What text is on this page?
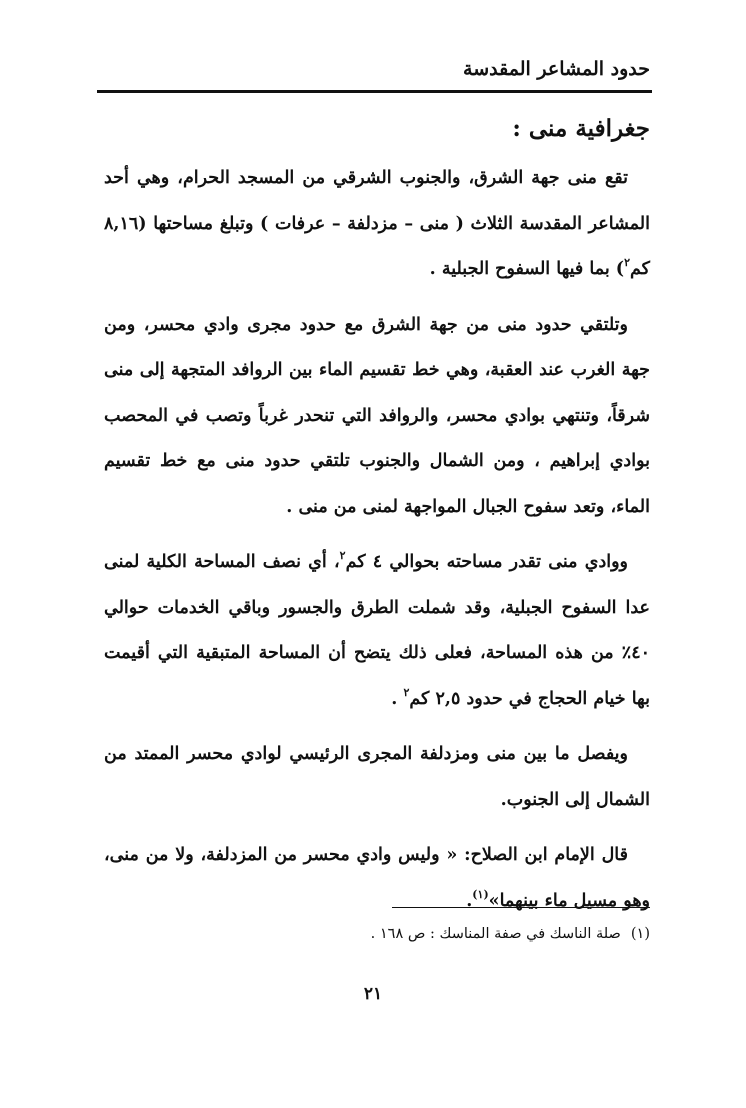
حدود المشاعر المقدسة
جغرافية منى :

تقع منى جهة الشرق، والجنوب الشرقي من المسجد الحرام، وهي أحد المشاعر المقدسة الثلاث ( منى – مزدلفة – عرفات ) وتبلغ مساحتها (٨,١٦ كم$^٢$) بما فيها السفوح الجبلية .

وتلتقي حدود منى من جهة الشرق مع حدود مجرى وادي محسر، ومن جهة الغرب عند العقبة، وهي خط تقسيم الماء بين الروافد المتجهة إلى منى شرقاً، وتنتهي بوادي محسر، والروافد التي تنحدر غرباً وتصب في المحصب بوادي إبراهيم ، ومن الشمال والجنوب تلتقي حدود منى مع خط تقسيم الماء، وتعد سفوح الجبال المواجهة لمنى من منى .

ووادي منى تقدر مساحته بحوالي ٤ كم$^٢$، أي نصف المساحة الكلية لمنى عدا السفوح الجبلية، وقد شملت الطرق والجسور وباقي الخدمات حوالي ٤٠٪ من هذه المساحة، فعلى ذلك يتضح أن المساحة المتبقية التي أقيمت بها خيام الحجاج في حدود ٢,٥ كم$^٢$ .

ويفصل ما بين منى ومزدلفة المجرى الرئيسي لوادي محسر الممتد من الشمال إلى الجنوب.

قال الإمام ابن الصلاح: « وليس وادي محسر من المزدلفة، ولا من منى، وهو مسيل ماء بينهما»$^{(١)}$.

(١)صلة الناسك في صفة المناسك : ص ١٦٨ .
٢١
